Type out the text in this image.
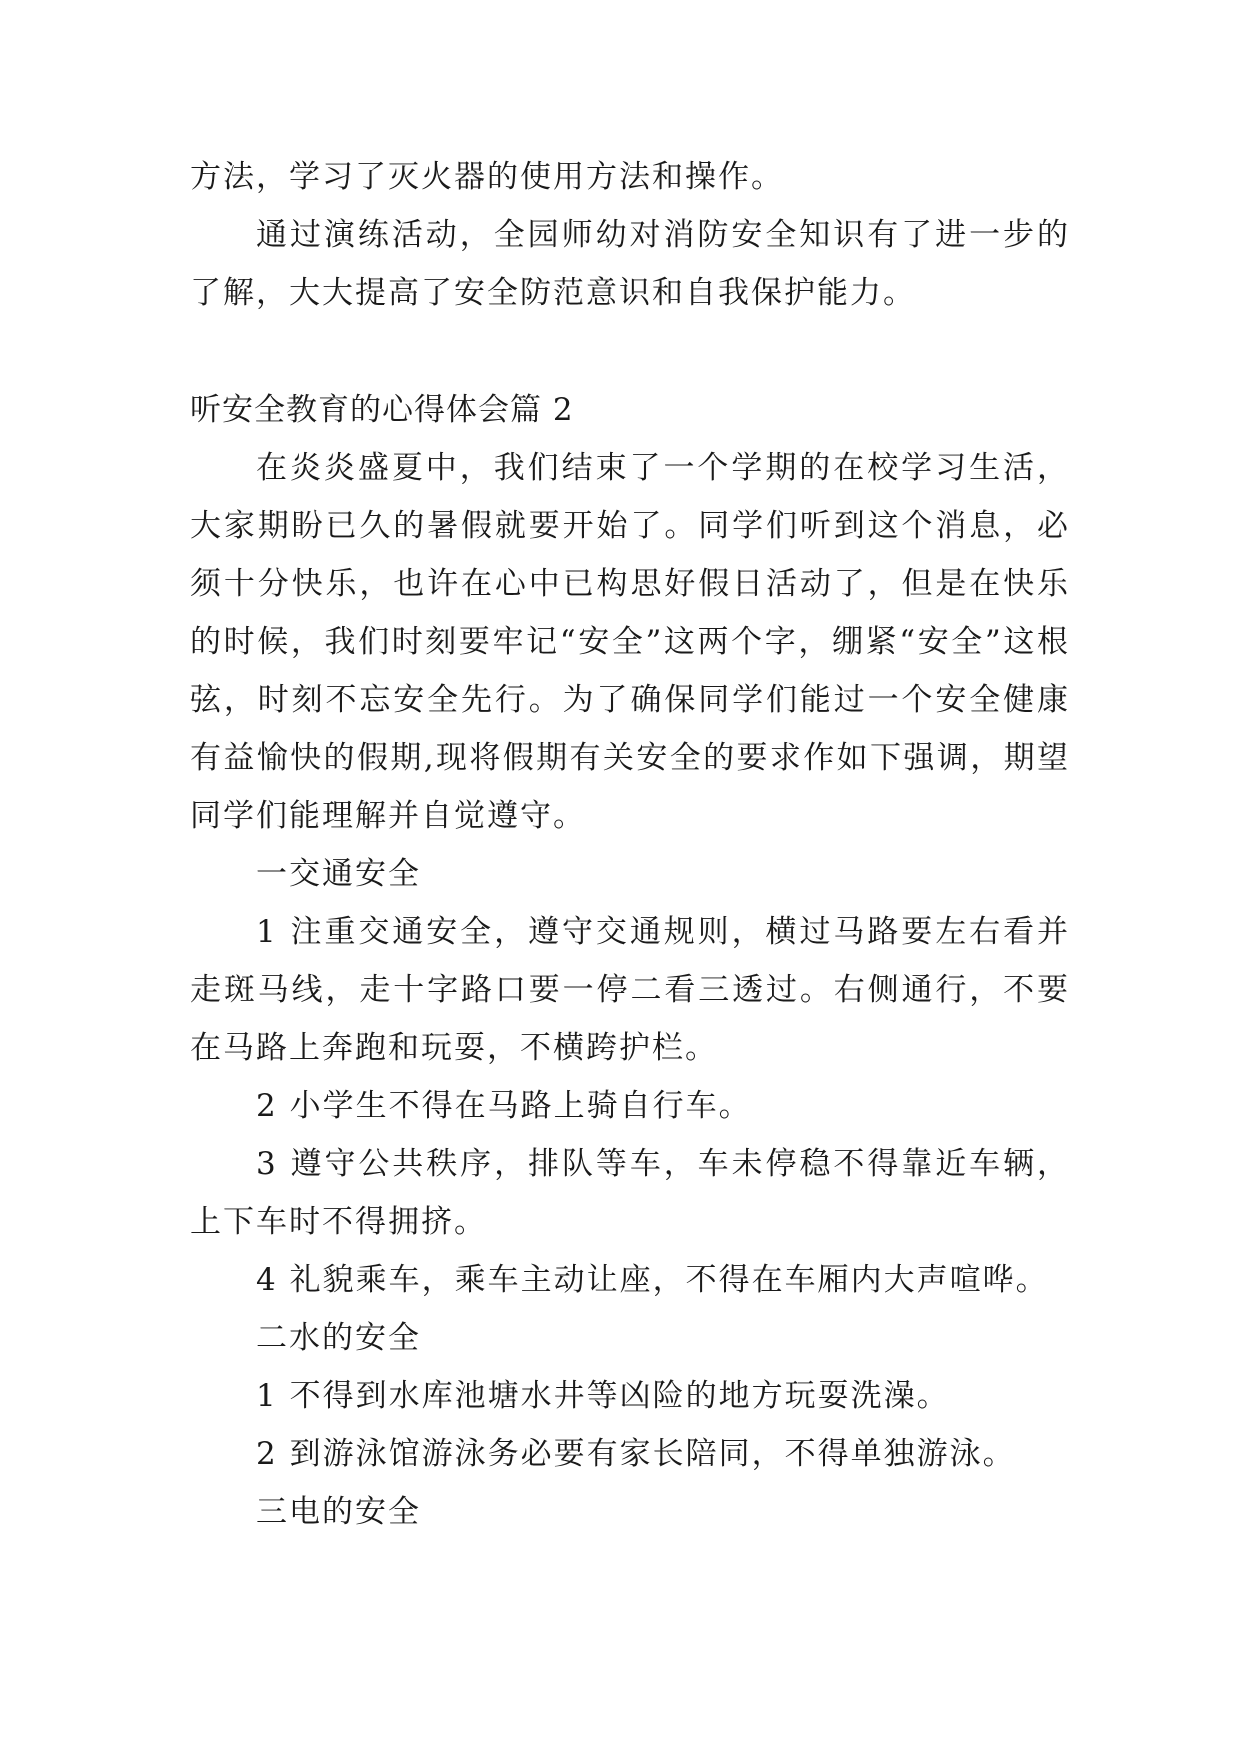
方法，学习了灭火器的使用方法和操作。

通过演练活动，全园师幼对消防安全知识有了进一步的了解，大大提高了安全防范意识和自我保护能力。

听安全教育的心得体会篇 2

在炎炎盛夏中，我们结束了一个学期的在校学习生活，大家期盼已久的暑假就要开始了。同学们听到这个消息，必须十分快乐，也许在心中已构思好假日活动了，但是在快乐的时候，我们时刻要牢记“安全”这两个字，绷紧“安全”这根弦，时刻不忘安全先行。为了确保同学们能过一个安全健康有益愉快的假期,现将假期有关安全的要求作如下强调，期望同学们能理解并自觉遵守。

一交通安全

1 注重交通安全，遵守交通规则，横过马路要左右看并走斑马线，走十字路口要一停二看三透过。右侧通行，不要在马路上奔跑和玩耍，不横跨护栏。

2 小学生不得在马路上骑自行车。

3 遵守公共秩序，排队等车，车未停稳不得靠近车辆，上下车时不得拥挤。

4 礼貌乘车，乘车主动让座，不得在车厢内大声喧哗。

二水的安全

1 不得到水库池塘水井等凶险的地方玩耍洗澡。

2 到游泳馆游泳务必要有家长陪同，不得单独游泳。

三电的安全
